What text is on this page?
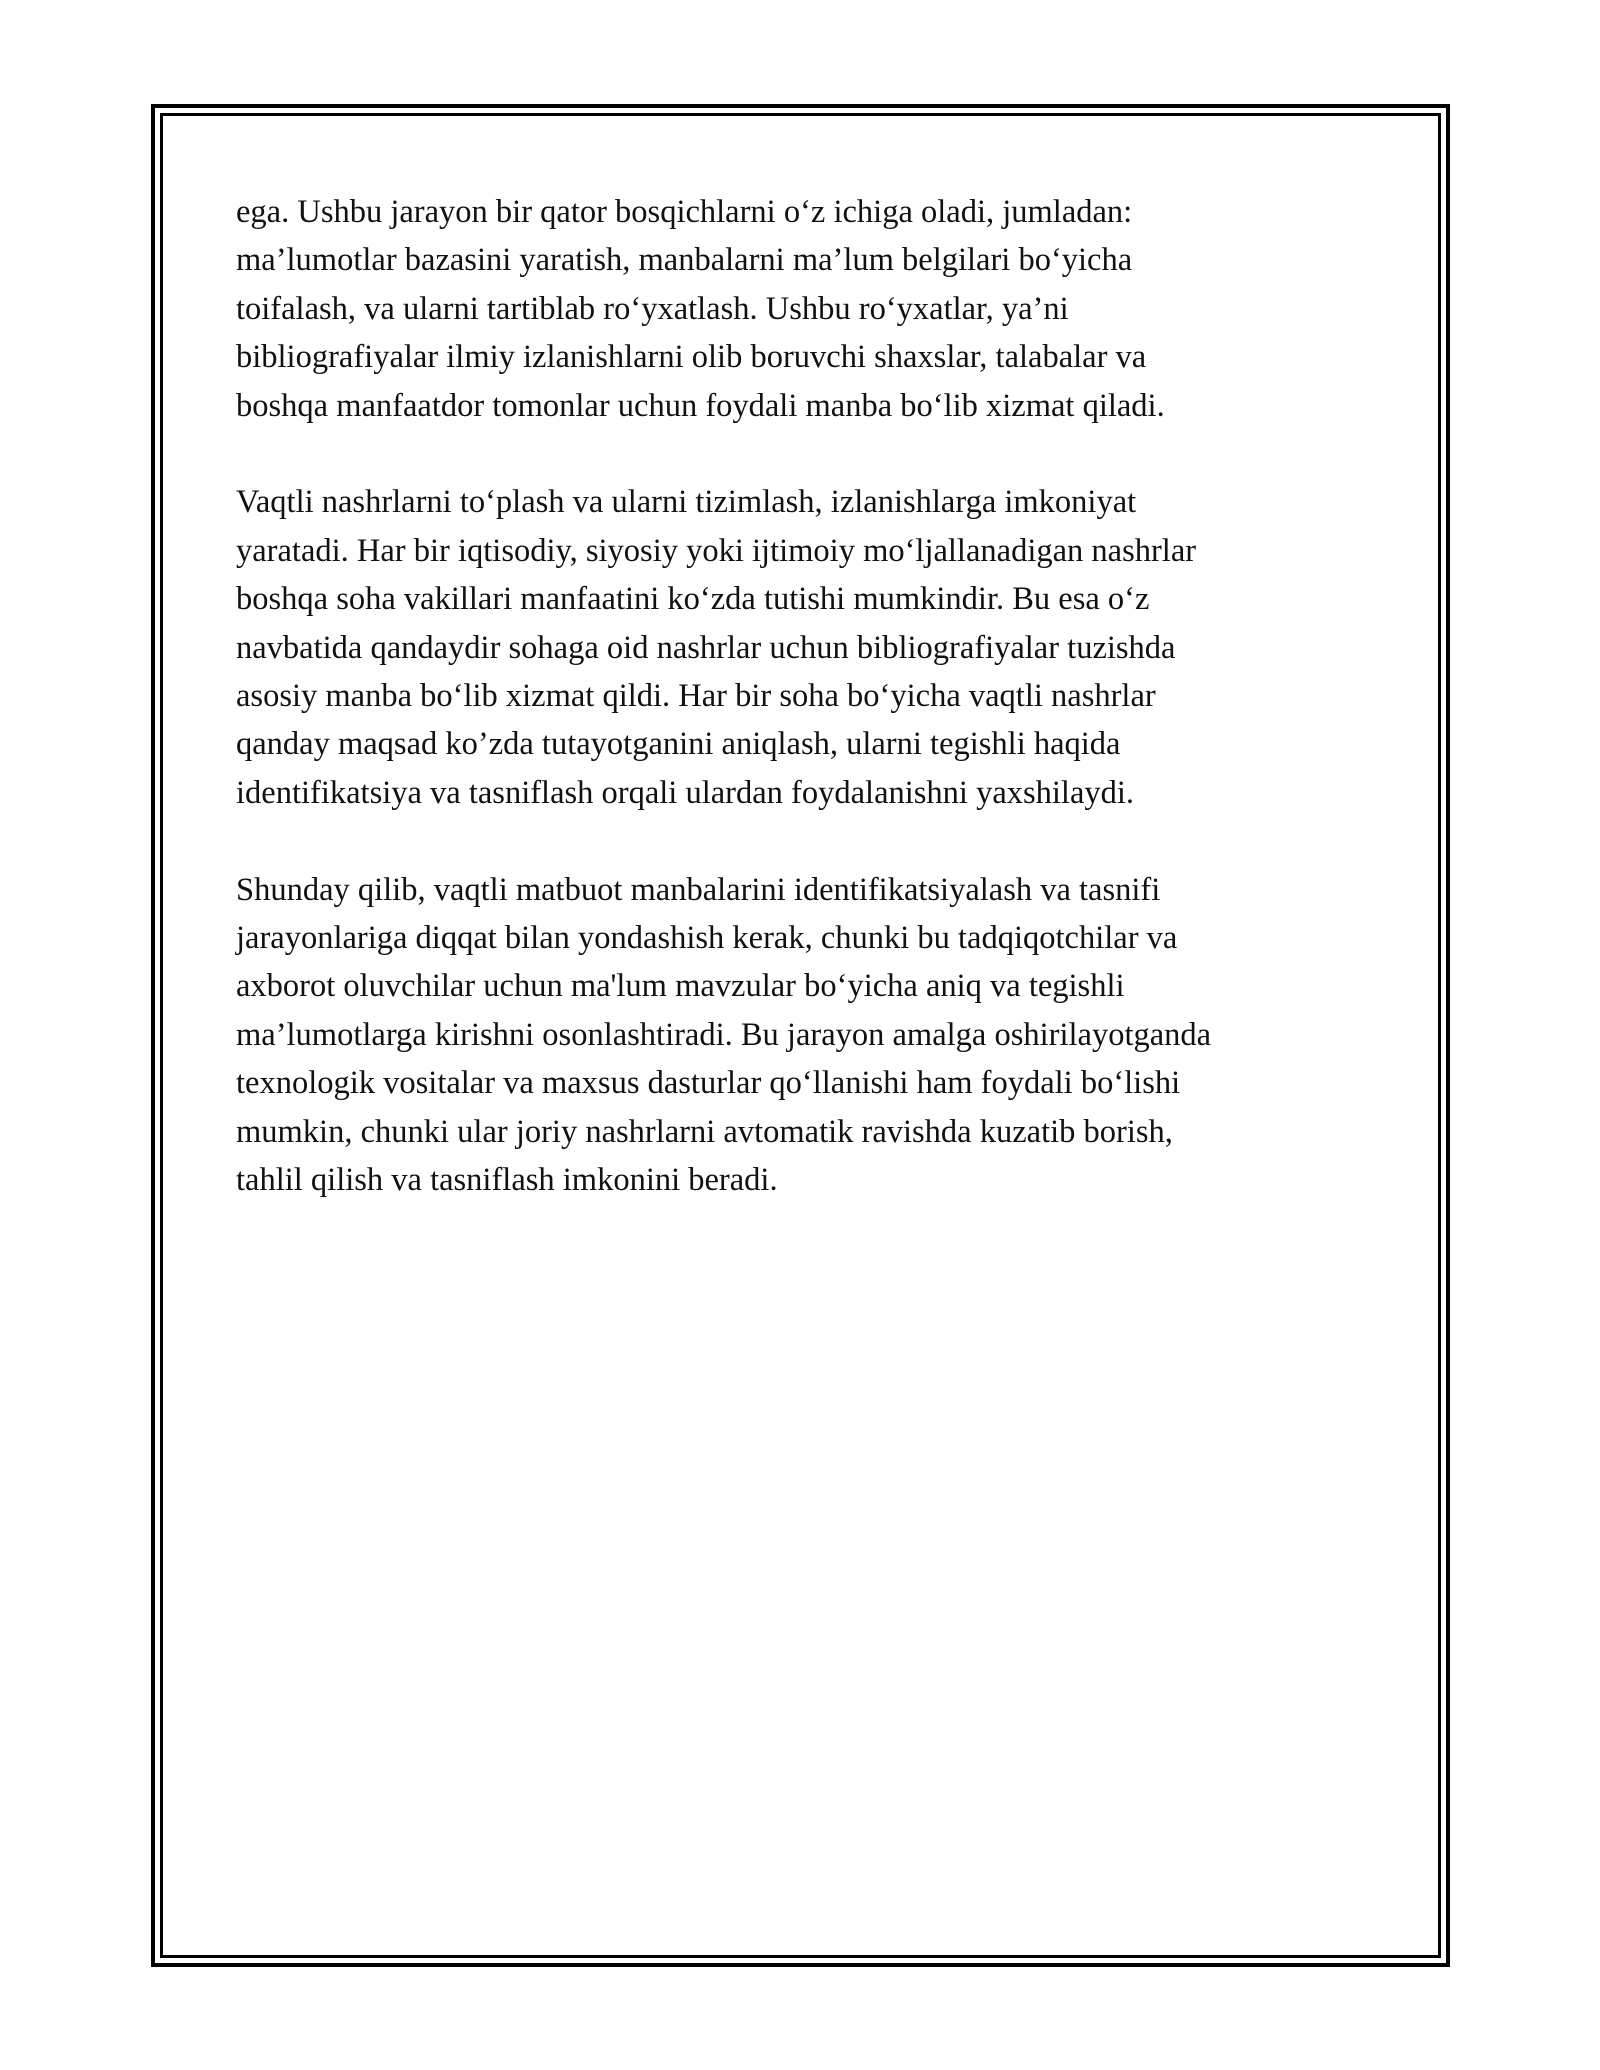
ega. Ushbu jarayon bir qator bosqichlarni o‘z ichiga oladi, jumladan:
ma’lumotlar bazasini yaratish, manbalarni ma’lum belgilari bo‘yicha
toifalash, va ularni tartiblab ro‘yxatlash. Ushbu ro‘yxatlar, ya’ni
bibliografiyalar ilmiy izlanishlarni olib boruvchi shaxslar, talabalar va
boshqa manfaatdor tomonlar uchun foydali manba bo‘lib xizmat qiladi.

Vaqtli nashrlarni to‘plash va ularni tizimlash, izlanishlarga imkoniyat
yaratadi. Har bir iqtisodiy, siyosiy yoki ijtimoiy mo‘ljallanadigan nashrlar
boshqa soha vakillari manfaatini ko‘zda tutishi mumkindir. Bu esa o‘z
navbatida qandaydir sohaga oid nashrlar uchun bibliografiyalar tuzishda
asosiy manba bo‘lib xizmat qildi. Har bir soha bo‘yicha vaqtli nashrlar
qanday maqsad ko’zda tutayotganini aniqlash, ularni tegishli haqida
identifikatsiya va tasniflash orqali ulardan foydalanishni yaxshilaydi.

Shunday qilib, vaqtli matbuot manbalarini identifikatsiyalash va tasnifi
jarayonlariga diqqat bilan yondashish kerak, chunki bu tadqiqotchilar va
axborot oluvchilar uchun ma'lum mavzular bo‘yicha aniq va tegishli
ma’lumotlarga kirishni osonlashtiradi. Bu jarayon amalga oshirilayotganda
texnologik vositalar va maxsus dasturlar qo‘llanishi ham foydali bo‘lishi
mumkin, chunki ular joriy nashrlarni avtomatik ravishda kuzatib borish,
tahlil qilish va tasniflash imkonini beradi.
